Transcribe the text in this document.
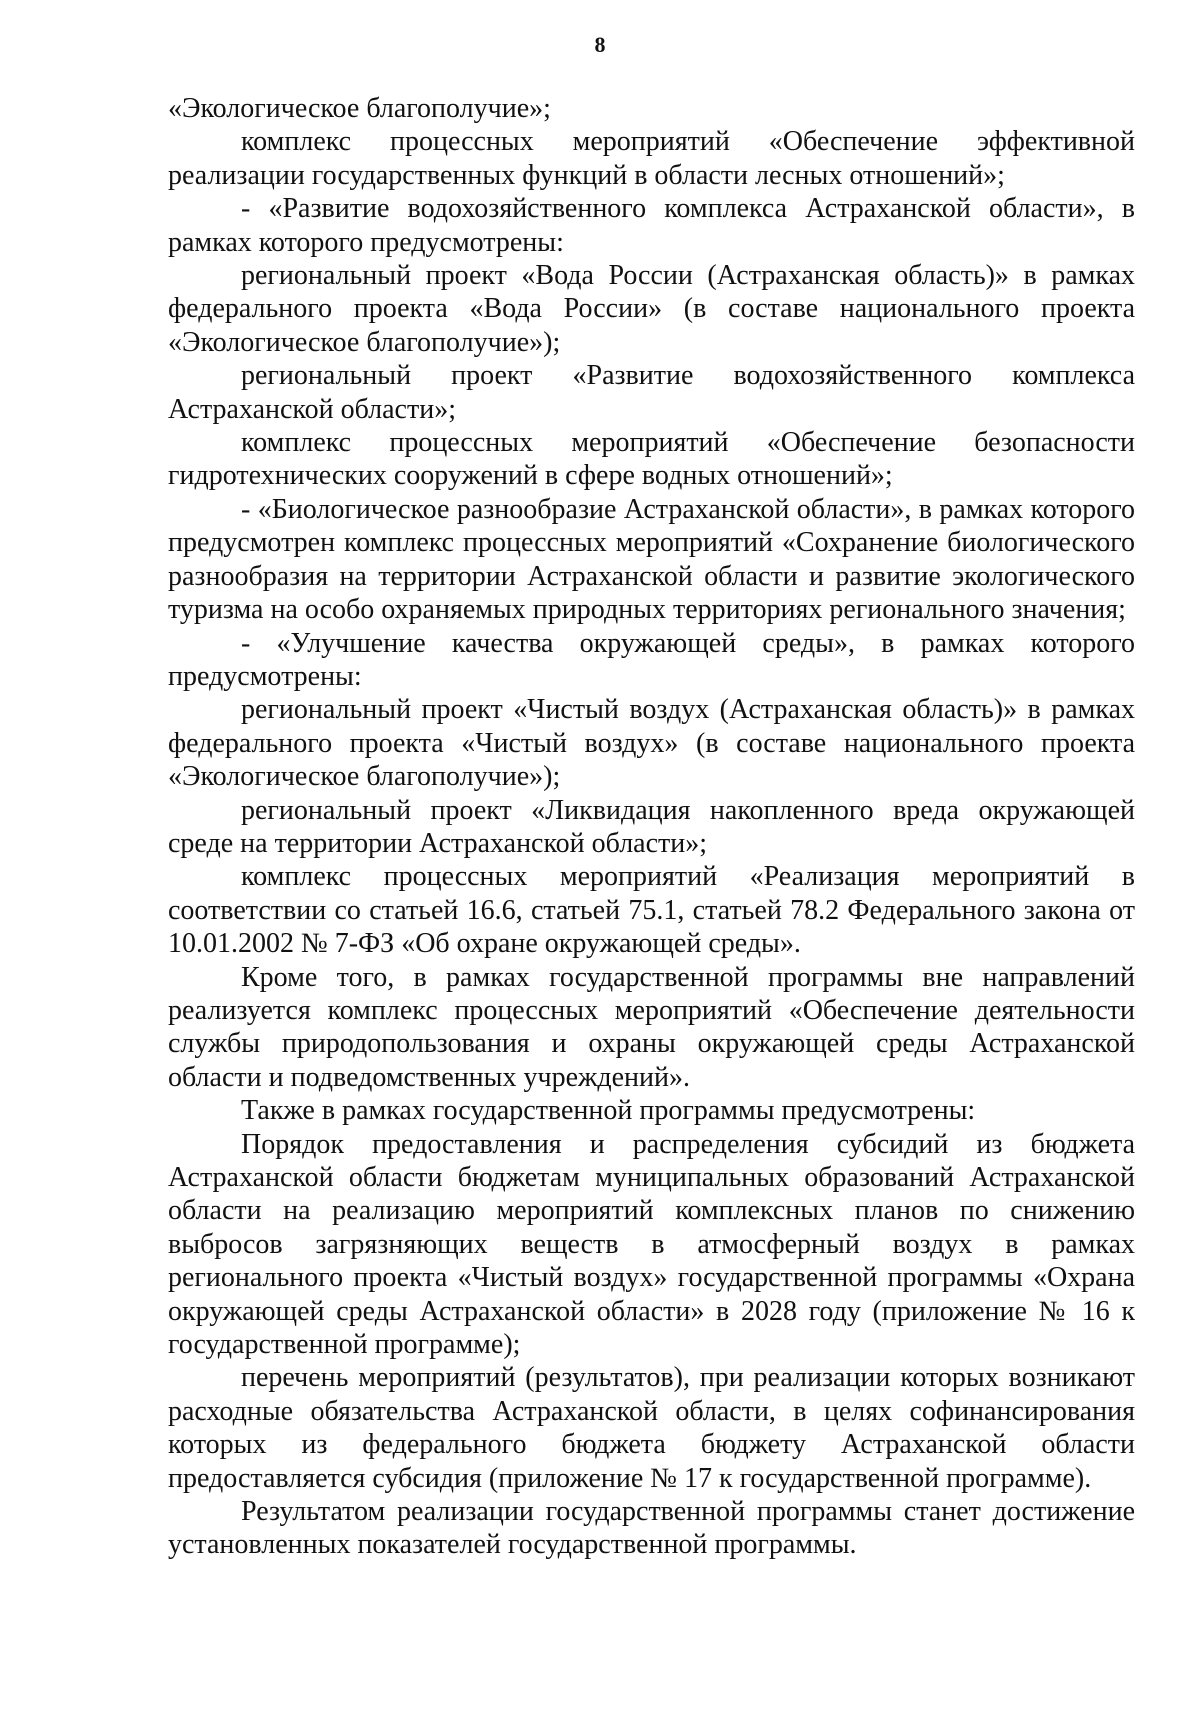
8

«Экологическое благополучие»;

комплекс процессных мероприятий «Обеспечение эффективной реализации государственных функций в области лесных отношений»;

- «Развитие водохозяйственного комплекса Астраханской области», в рамках которого предусмотрены:

региональный проект «Вода России (Астраханская область)» в рамках федерального проекта «Вода России» (в составе национального проекта «Экологическое благополучие»);

региональный проект «Развитие водохозяйственного комплекса Астраханской области»;

комплекс процессных мероприятий «Обеспечение безопасности гидротехнических сооружений в сфере водных отношений»;

- «Биологическое разнообразие Астраханской области», в рамках которого предусмотрен комплекс процессных мероприятий «Сохранение биологического разнообразия на территории Астраханской области и развитие экологического туризма на особо охраняемых природных территориях регионального значения;

- «Улучшение качества окружающей среды», в рамках которого предусмотрены:

региональный проект «Чистый воздух (Астраханская область)» в рамках федерального проекта «Чистый воздух» (в составе национального проекта «Экологическое благополучие»);

региональный проект «Ликвидация накопленного вреда окружающей среде на территории Астраханской области»;

комплекс процессных мероприятий «Реализация мероприятий в соответствии со статьей 16.6, статьей 75.1, статьей 78.2 Федерального закона от 10.01.2002 № 7-ФЗ «Об охране окружающей среды».

Кроме того, в рамках государственной программы вне направлений реализуется комплекс процессных мероприятий «Обеспечение деятельности службы природопользования и охраны окружающей среды Астраханской области и подведомственных учреждений».

Также в рамках государственной программы предусмотрены:

Порядок предоставления и распределения субсидий из бюджета Астраханской области бюджетам муниципальных образований Астраханской области на реализацию мероприятий комплексных планов по снижению выбросов загрязняющих веществ в атмосферный воздух в рамках регионального проекта «Чистый воздух» государственной программы «Охрана окружающей среды Астраханской области» в 2028 году (приложение № 16 к государственной программе);

перечень мероприятий (результатов), при реализации которых возникают расходные обязательства Астраханской области, в целях софинансирования которых из федерального бюджета бюджету Астраханской области предоставляется субсидия (приложение № 17 к государственной программе).

Результатом реализации государственной программы станет достижение установленных показателей государственной программы.
